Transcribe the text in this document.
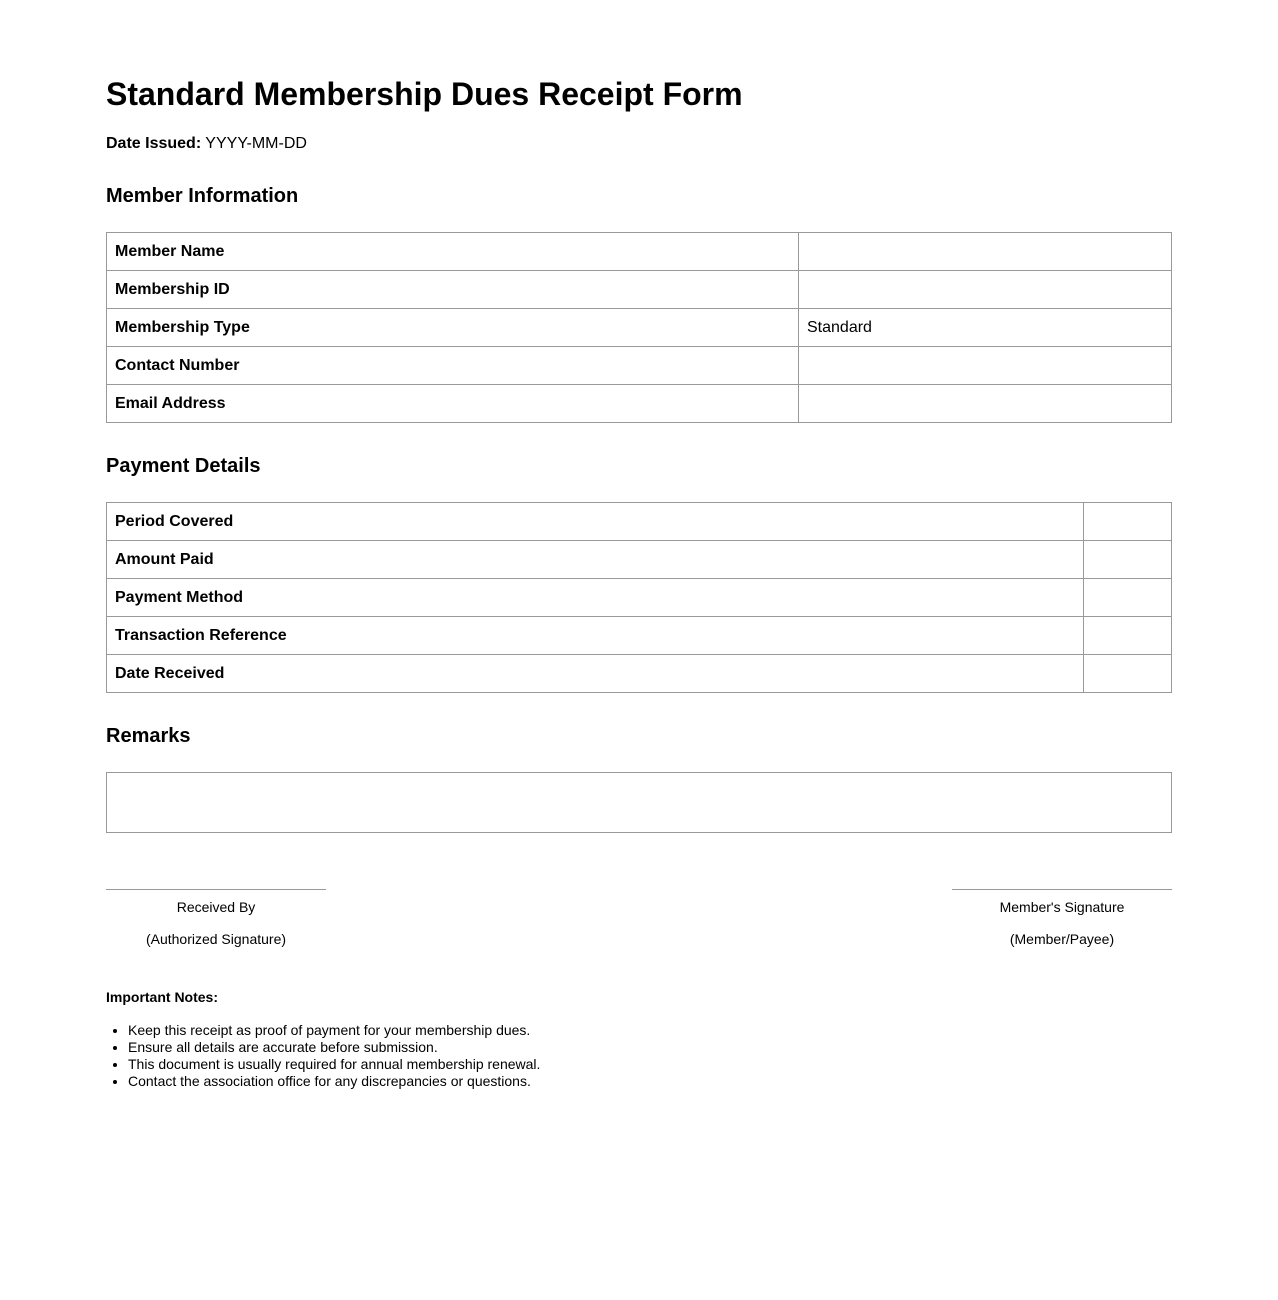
Standard Membership Dues Receipt Form
Date Issued: YYYY-MM-DD
Member Information
Member Name	
Membership ID	
Membership Type	Standard
Contact Number	
Email Address	
Payment Details
Period Covered	
Amount Paid	
Payment Method	
Transaction Reference	
Date Received	
Remarks
Received By
(Authorized Signature)
Member's Signature
(Member/Payee)
Important Notes:
• Keep this receipt as proof of payment for your membership dues.
• Ensure all details are accurate before submission.
• This document is usually required for annual membership renewal.
• Contact the association office for any discrepancies or questions.
